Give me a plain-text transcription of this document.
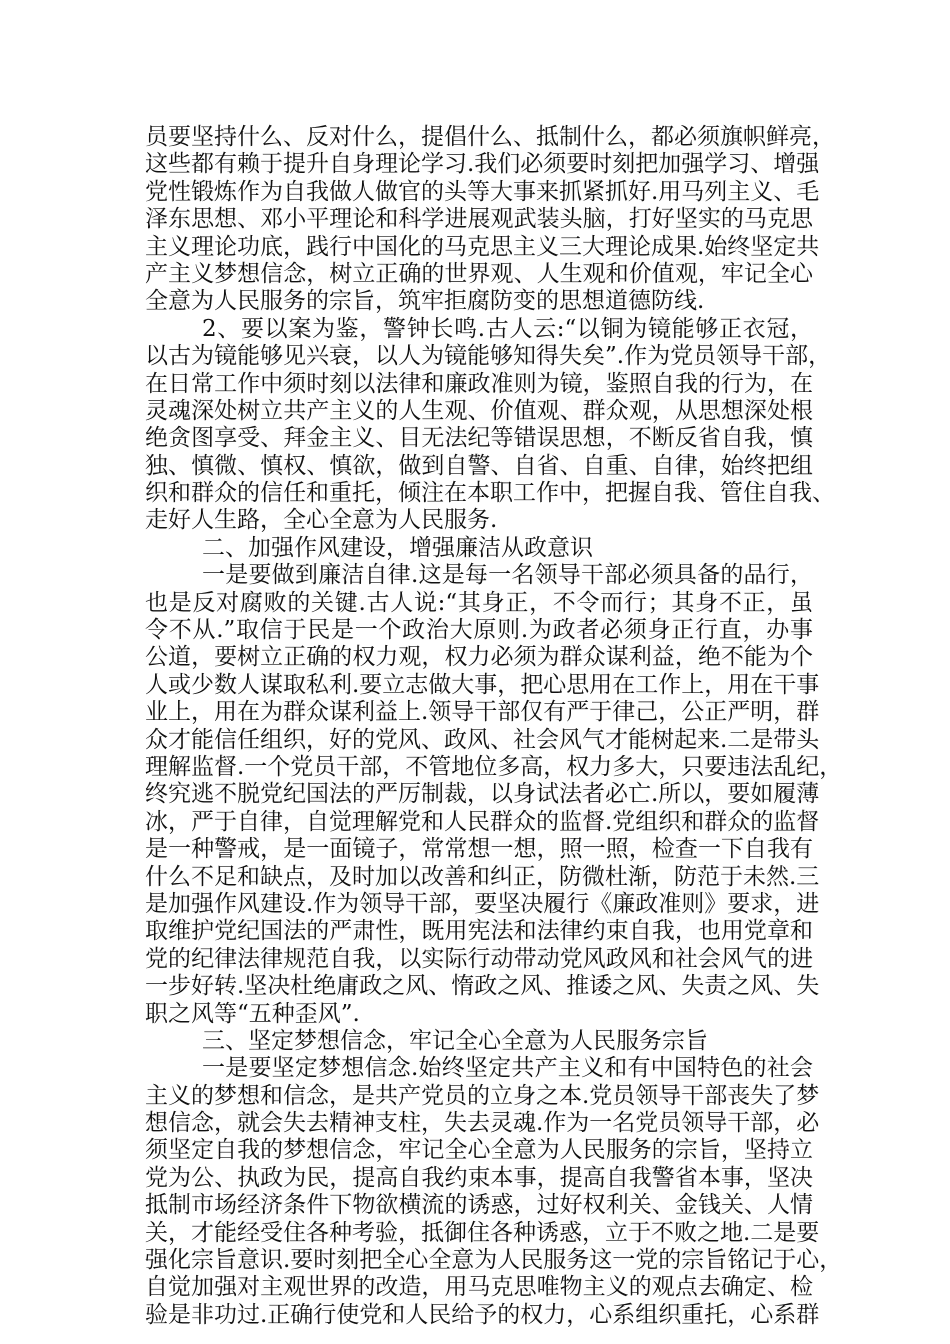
员要坚持什么、反对什么，提倡什么、抵制什么，都必须旗帜鲜亮，
这些都有赖于提升自身理论学习.我们必须要时刻把加强学习、增强
党性锻炼作为自我做人做官的头等大事来抓紧抓好.用马列主义、毛
泽东思想、邓小平理论和科学进展观武装头脑，打好坚实的马克思
主义理论功底，践行中国化的马克思主义三大理论成果.始终坚定共
产主义梦想信念，树立正确的世界观、人生观和价值观，牢记全心
全意为人民服务的宗旨，筑牢拒腐防变的思想道德防线.
2、要以案为鉴，警钟长鸣.古人云:“以铜为镜能够正衣冠，
以古为镜能够见兴衰，以人为镜能够知得失矣”.作为党员领导干部，
在日常工作中须时刻以法律和廉政准则为镜，鉴照自我的行为，在
灵魂深处树立共产主义的人生观、价值观、群众观，从思想深处根
绝贪图享受、拜金主义、目无法纪等错误思想，不断反省自我，慎
独、慎微、慎权、慎欲，做到自警、自省、自重、自律，始终把组
织和群众的信任和重托，倾注在本职工作中，把握自我、管住自我、
走好人生路，全心全意为人民服务.
二、加强作风建设，增强廉洁从政意识
一是要做到廉洁自律.这是每一名领导干部必须具备的品行，
也是反对腐败的关键.古人说:“其身正，不令而行；其身不正，虽
令不从.”取信于民是一个政治大原则.为政者必须身正行直，办事
公道，要树立正确的权力观，权力必须为群众谋利益，绝不能为个
人或少数人谋取私利.要立志做大事，把心思用在工作上，用在干事
业上，用在为群众谋利益上.领导干部仅有严于律己，公正严明，群
众才能信任组织，好的党风、政风、社会风气才能树起来.二是带头
理解监督.一个党员干部，不管地位多高，权力多大，只要违法乱纪，
终究逃不脱党纪国法的严厉制裁，以身试法者必亡.所以，要如履薄
冰，严于自律，自觉理解党和人民群众的监督.党组织和群众的监督
是一种警戒，是一面镜子，常常想一想，照一照，检查一下自我有
什么不足和缺点，及时加以改善和纠正，防微杜渐，防范于未然.三
是加强作风建设.作为领导干部，要坚决履行《廉政准则》要求，进
取维护党纪国法的严肃性，既用宪法和法律约束自我，也用党章和
党的纪律法律规范自我，以实际行动带动党风政风和社会风气的进
一步好转.坚决杜绝庸政之风、惰政之风、推诿之风、失责之风、失
职之风等“五种歪风”.
三、坚定梦想信念，牢记全心全意为人民服务宗旨
一是要坚定梦想信念.始终坚定共产主义和有中国特色的社会
主义的梦想和信念，是共产党员的立身之本.党员领导干部丧失了梦
想信念，就会失去精神支柱，失去灵魂.作为一名党员领导干部，必
须坚定自我的梦想信念，牢记全心全意为人民服务的宗旨，坚持立
党为公、执政为民，提高自我约束本事，提高自我警省本事，坚决
抵制市场经济条件下物欲横流的诱惑，过好权利关、金钱关、人情
关，才能经受住各种考验，抵御住各种诱惑，立于不败之地.二是要
强化宗旨意识.要时刻把全心全意为人民服务这一党的宗旨铭记于心，
自觉加强对主观世界的改造，用马克思唯物主义的观点去确定、检
验是非功过.正确行使党和人民给予的权力，心系组织重托，心系群
